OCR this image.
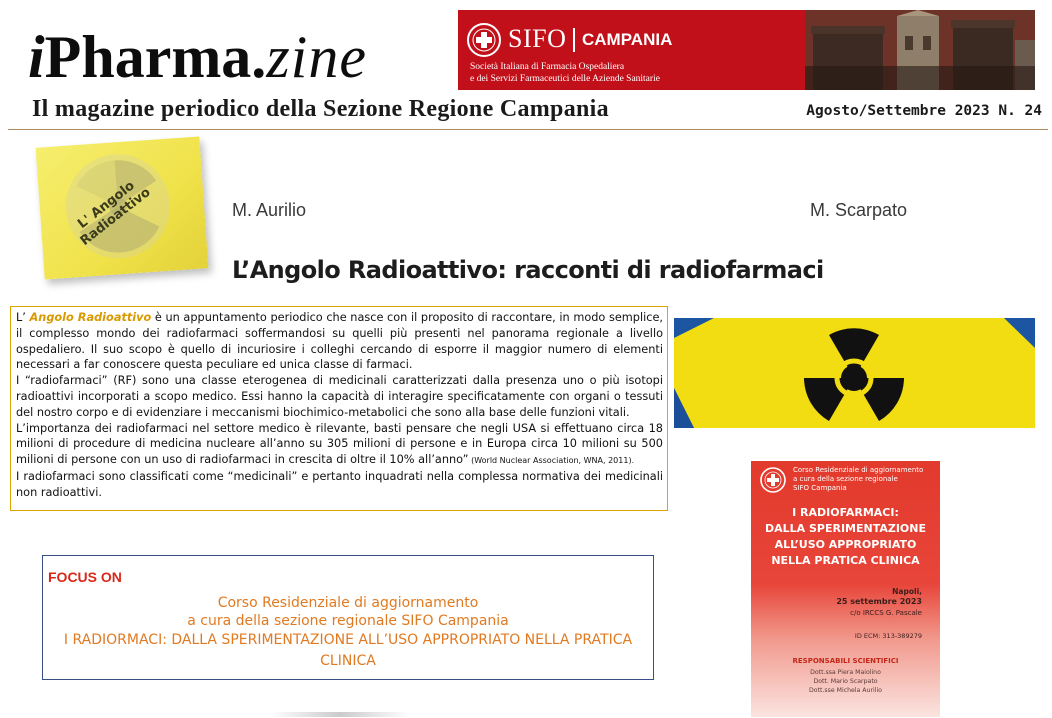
iPharma.zine	SIFO CAMPANIA
Società Italiana di Farmacia Ospedaliera
e dei Servizi Farmaceutici delle Aziende Sanitarie
Il magazine periodico della Sezione Regione Campania	Agosto/Settembre 2023 N. 24
L' Angolo Radioattivo	M. Aurilio	M. Scarpato
L’Angolo Radioattivo: racconti di radiofarmaci

L’ Angolo Radioattivo è un appuntamento periodico che nasce con il proposito di raccontare, in modo semplice, il complesso mondo dei radiofarmaci soffermandosi su quelli più presenti nel panorama regionale a livello ospedaliero. Il suo scopo è quello di incuriosire i colleghi cercando di esporre il maggior numero di elementi necessari a far conoscere questa peculiare ed unica classe di farmaci.

I “radiofarmaci” (RF) sono una classe eterogenea di medicinali caratterizzati dalla presenza uno o più isotopi radioattivi incorporati a scopo medico. Essi hanno la capacità di interagire specificatamente con organi o tessuti del nostro corpo e di evidenziare i meccanismi biochimico-metabolici che sono alla base delle funzioni vitali.

L’importanza dei radiofarmaci nel settore medico è rilevante, basti pensare che negli USA si effettuano circa 18 milioni di procedure di medicina nucleare all’anno su 305 milioni di persone e in Europa circa 10 milioni su 500 milioni di persone con un uso di radiofarmaci in crescita di oltre il 10% all’anno” (World Nuclear Association, WNA, 2011).

I radiofarmaci sono classificati come “medicinali” e pertanto inquadrati nella complessa normativa dei medicinali non radioattivi.

FOCUS ON
Corso Residenziale di aggiornamento
a cura della sezione regionale SIFO Campania
I RADIORMACI: DALLA SPERIMENTAZIONE ALL’USO APPROPRIATO NELLA PRATICA
CLINICA
Corso Residenziale di aggiornamento
a cura della sezione regionale
SIFO Campania
I RADIOFARMACI:
DALLA SPERIMENTAZIONE
ALL’USO APPROPRIATO
NELLA PRATICA CLINICA
Napoli,
25 settembre 2023
c/o IRCCS G. Pascale
ID ECM: 313-389279
RESPONSABILI SCIENTIFICI
Dott.ssa Piera Maiolino
Dott. Mario Scarpato
Dott.sse Michela Aurilio
